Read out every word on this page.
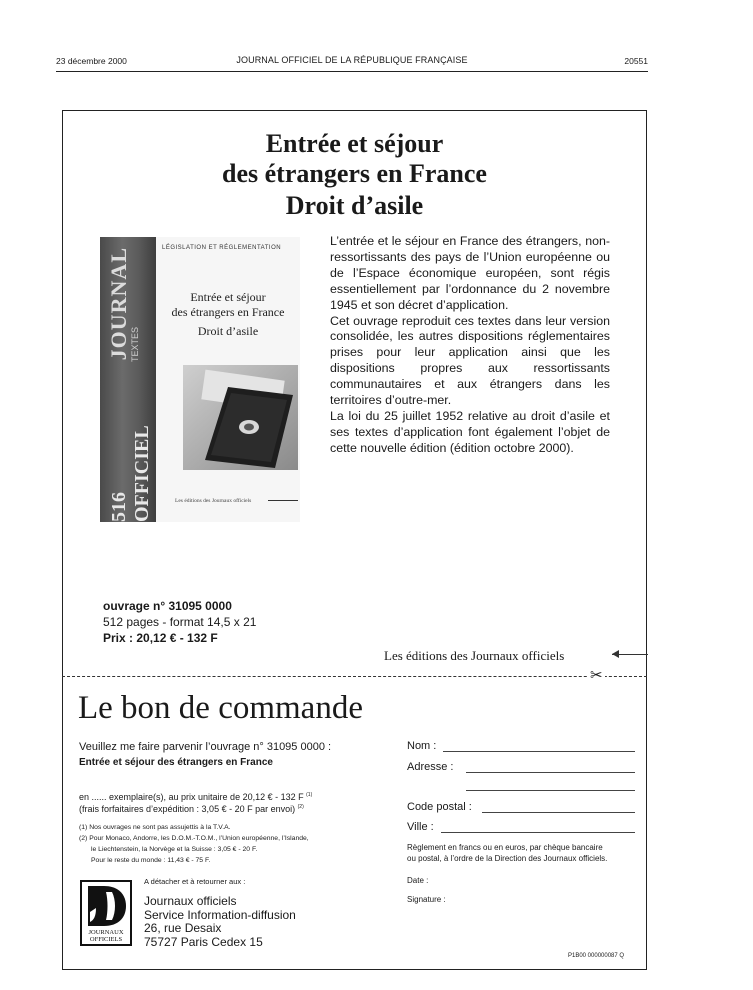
23 décembre 2000	JOURNAL OFFICIEL DE LA RÉPUBLIQUE FRANÇAISE	20551
Entrée et séjour
des étrangers en France
Droit d’asile
JOURNAL TEXTES
516 OFFICIEL
LÉGISLATION ET RÉGLEMENTATION
Entrée et séjour
des étrangers en France
Droit d’asile
Les éditions des Journaux officiels

L’entrée et le séjour en France des étrangers, non-ressortissants des pays de l’Union européenne ou de l’Espace économique européen, sont régis essentiellement par l’ordonnance du 2 novembre 1945 et son décret d’application.

Cet ouvrage reproduit ces textes dans leur version consolidée, les autres dispositions réglementaires prises pour leur application ainsi que les dispositions propres aux ressortissants communautaires et aux étrangers dans les territoires d’outre-mer.

La loi du 25 juillet 1952 relative au droit d’asile et ses textes d’application font également l’objet de cette nouvelle édition (édition octobre 2000).

ouvrage n° 31095 0000
512 pages - format 14,5 x 21
Prix : 20,12 € - 132 F
Les éditions des Journaux officiels
✂
Le bon de commande
Veuillez me faire parvenir l’ouvrage n° 31095 0000 :
Entrée et séjour des étrangers en France
en ...... exemplaire(s), au prix unitaire de 20,12 € - 132 F $^{(1)}$
(frais forfaitaires d’expédition : 3,05 € - 20 F par envoi) $^{(2)}$
(1) Nos ouvrages ne sont pas assujettis à la T.V.A.
(2) Pour Monaco, Andorre, les D.O.M.-T.O.M., l’Union européenne, l’Islande,
le Liechtenstein, la Norvège et la Suisse : 3,05 € - 20 F.
Pour le reste du monde : 11,43 € - 75 F.
A détacher et à retourner aux :
JOURNAUX
OFFICIELS
Journaux officiels
Service Information-diffusion
26, rue Desaix
75727 Paris Cedex 15
Nom :
Adresse :
Code postal :
Ville :
Règlement en francs ou en euros, par chèque bancaire
ou postal, à l’ordre de la Direction des Journaux officiels.
Date :
Signature :
P1B00 000000087 Q
